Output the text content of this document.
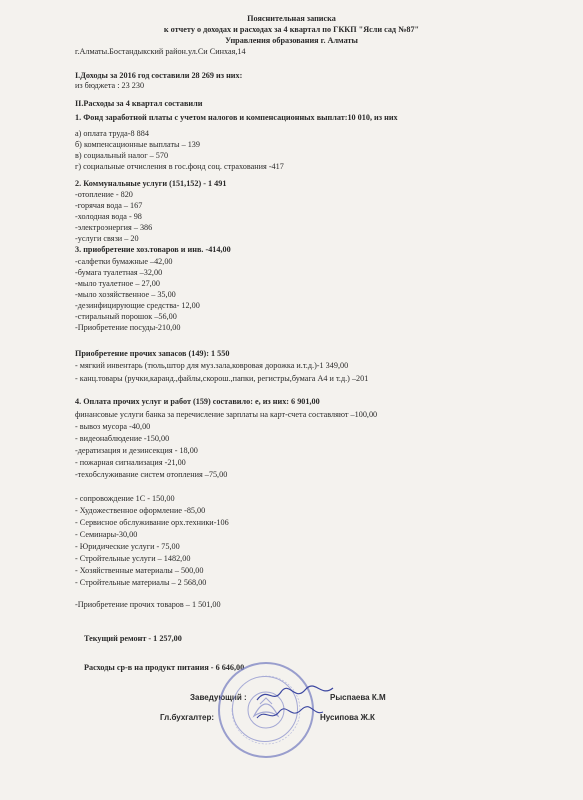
Пояснительная записка
к отчету о доходах и расходах за 4 квартал по ГККП "Ясли сад №87"
Управления образования г. Алматы
г.Алматы.Бостандыкский район.ул.Си Синхая,14
I.Доходы за 2016 год составили 28 269 из них:
из бюджета : 23 230
II.Расходы за 4 квартал составили
1. Фонд заработной платы с учетом налогов и компенсационных выплат:10 010, из них
а) оплата труда-8 884
б) компенсационные выплаты – 139
в) социальный налог – 570
г) социальные отчисления в гос.фонд соц. страхования -417
2. Коммунальные услуги (151,152) - 1 491
-отопление - 820
-горячая вода – 167
-холодная вода - 98
-электроэнергия – 386
-услуги связи – 20
3. приобретение хоз.товаров и инв. -414,00
-салфетки бумажные –42,00
-бумага туалетная –32,00
-мыло туалетное – 27,00
-мыло хозяйственное – 35,00
-дезинфицирующие средства- 12,00
-стиральный порошок –56,00
-Приобретение посуды-210,00
Приобретение прочих запасов (149): 1 550
- мягкий инвентарь (тюль,штор для муз.зала,ковровая дорожка и.т.д.)-1 349,00
- канц.товары (ручки,каранд.,файлы,скорош.,папки, регистры,бумага А4 и т.д.) –201
4. Оплата прочих услуг и работ (159) составило: е, из них: 6 901,00
финансовые услуги банка за перечисление зарплаты на карт-счета составляют –100,00
- вывоз мусора -40,00
- видеонаблюдение -150,00
-дератизация и дезинсекция - 18,00
- пожарная сигнализация -21,00
-техобслуживание систем отопления –75,00
- сопровождение 1С - 150,00
- Художественное оформление -85,00
- Сервисное обслуживание орх.техники-106
- Семинары-30,00
- Юридические услуги - 75,00
- Стройтельные услуги – 1482,00
- Хозяйственные материалы – 500,00
- Стройтельные материалы – 2 568,00
-Приобретение прочих товаров – 1 501,00
Текущий ремонт - 1 257,00
Расходы ср-в на продукт питания - 6 646,00
Заведующий :	Рыспаева К.М
Гл.бухгалтер:	Нусипова Ж.К
